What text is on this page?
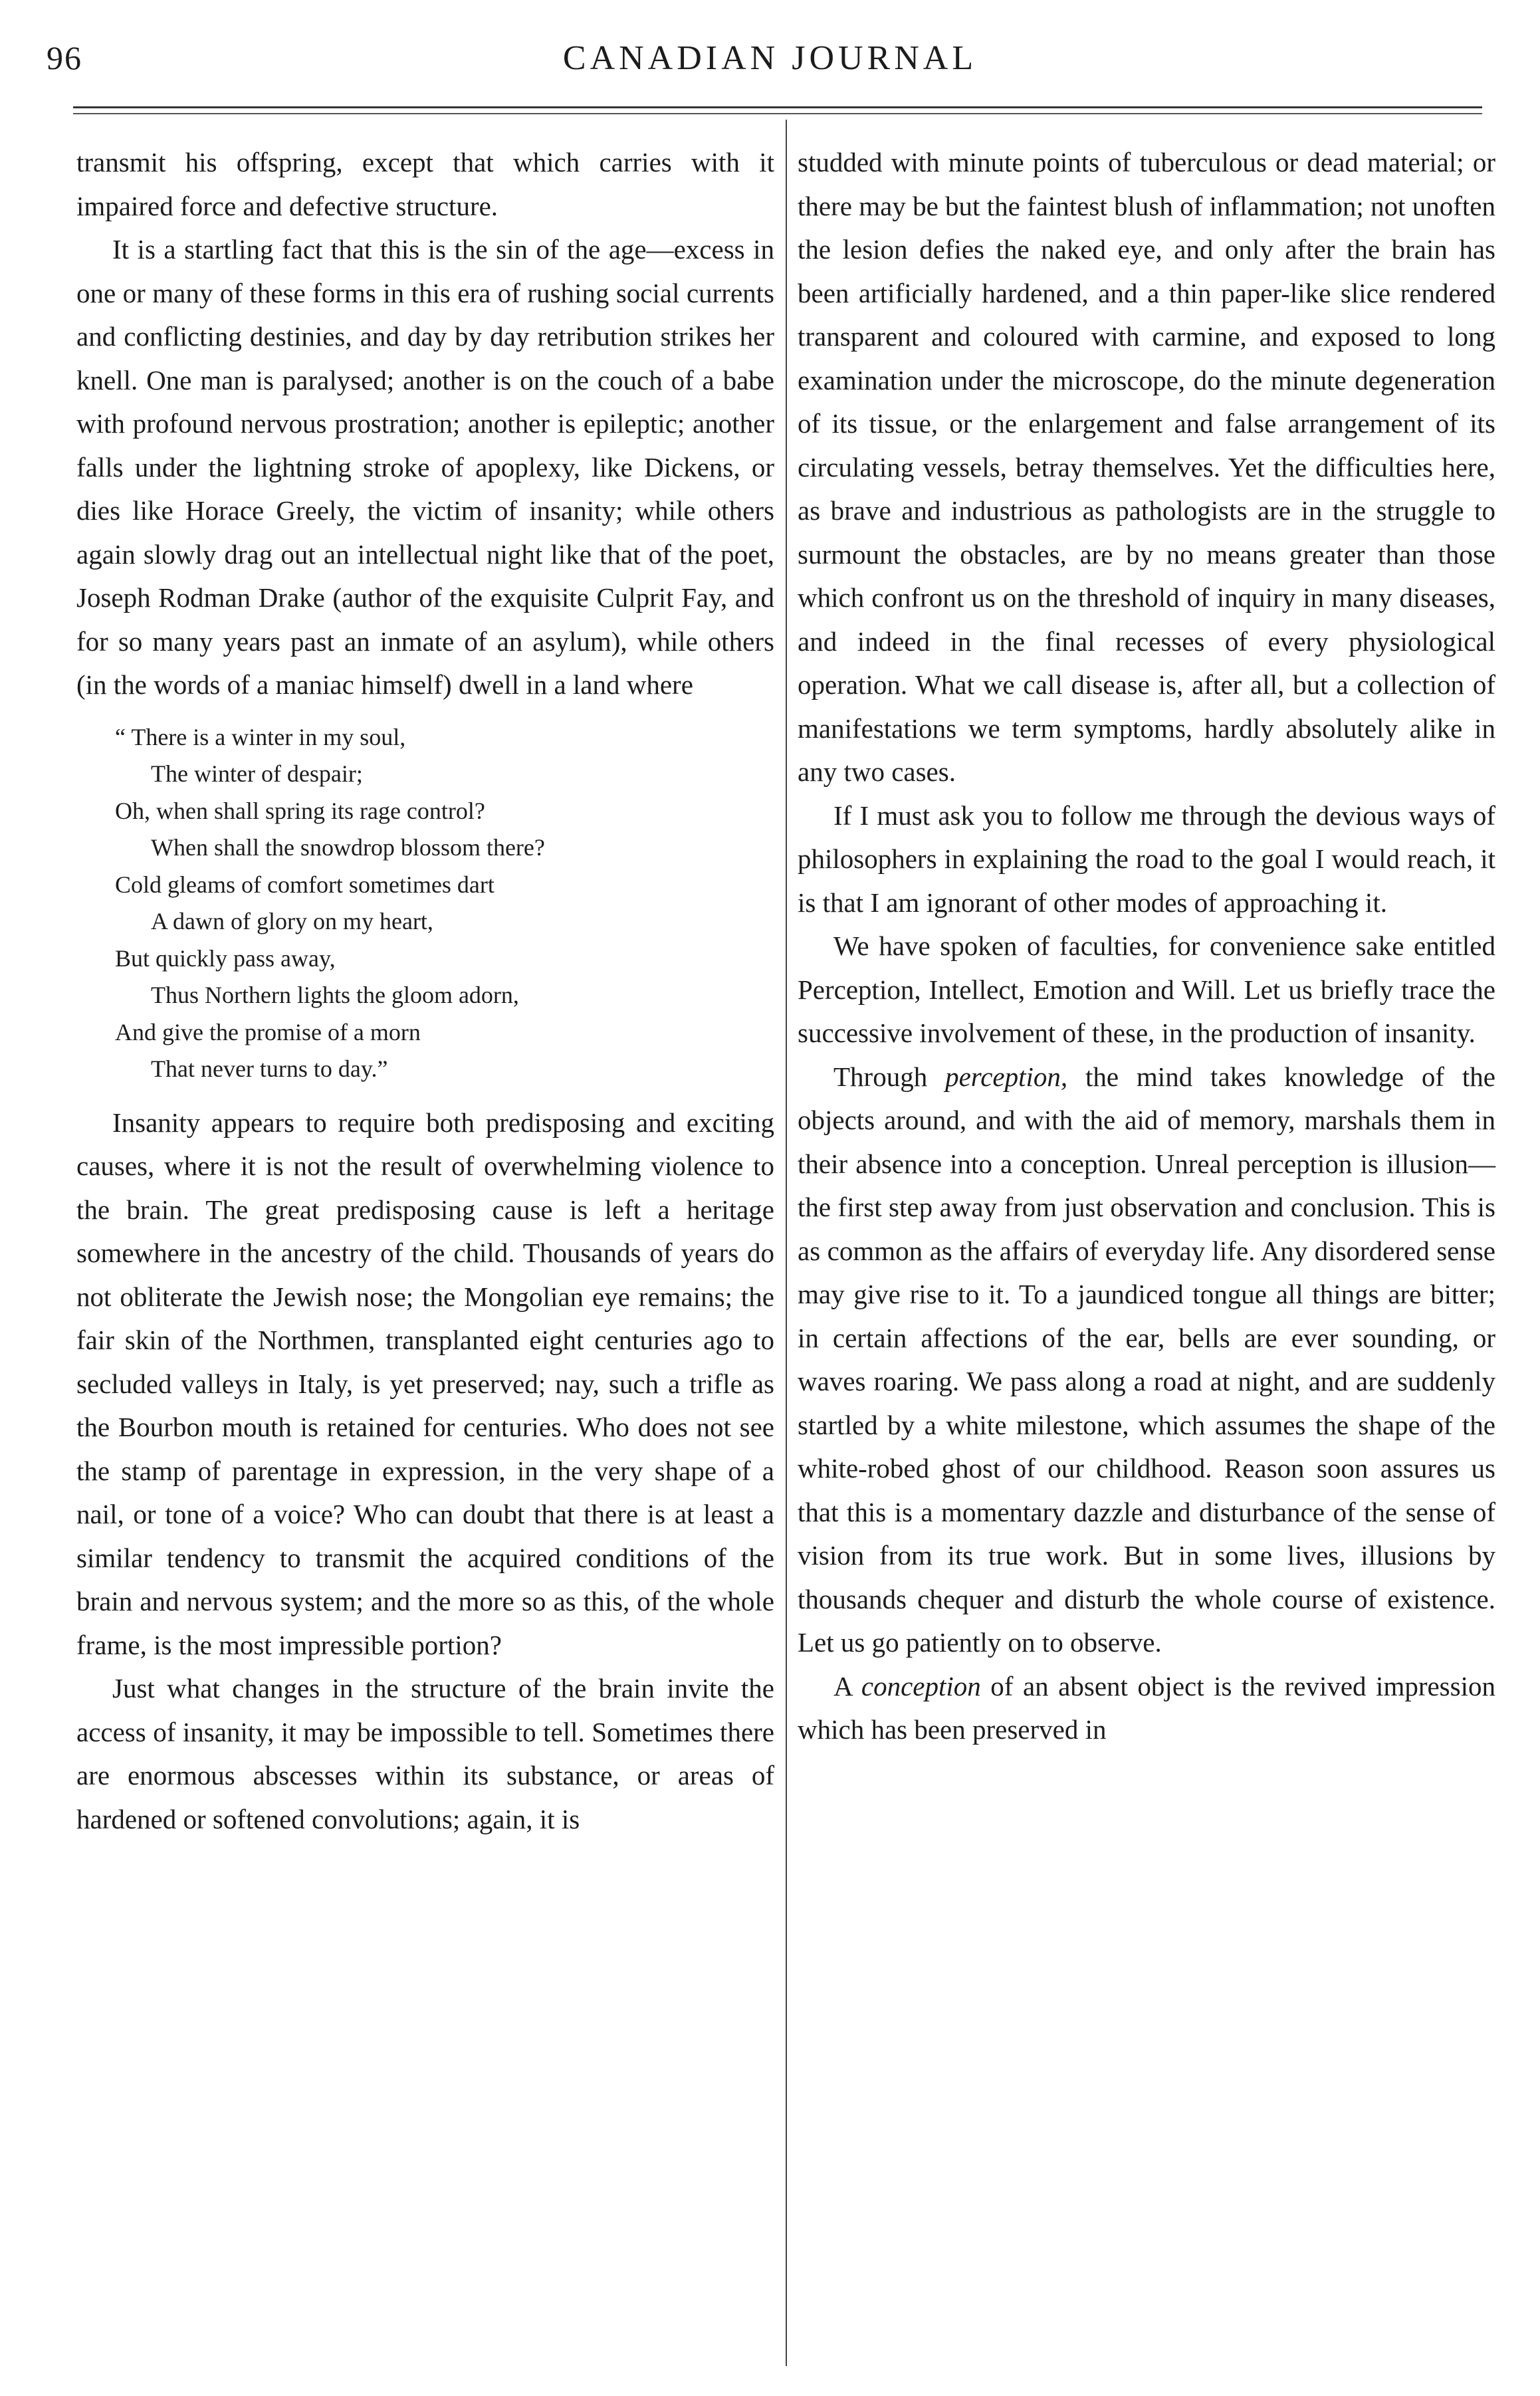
96	CANADIAN JOURNAL

transmit his offspring, except that which carries with it impaired force and defective structure.

It is a startling fact that this is the sin of the age—excess in one or many of these forms in this era of rushing social currents and conflicting destinies, and day by day retribution strikes her knell. One man is paralysed; another is on the couch of a babe with profound nervous prostration; another is epileptic; another falls under the lightning stroke of apoplexy, like Dickens, or dies like Horace Greely, the victim of insanity; while others again slowly drag out an intellectual night like that of the poet, Joseph Rodman Drake (author of the exquisite Culprit Fay, and for so many years past an inmate of an asylum), while others (in the words of a maniac himself) dwell in a land where

“ There is a winter in my soul,
The winter of despair;
Oh, when shall spring its rage control?
When shall the snowdrop blossom there?
Cold gleams of comfort sometimes dart
A dawn of glory on my heart,
But quickly pass away,
Thus Northern lights the gloom adorn,
And give the promise of a morn
That never turns to day.”

Insanity appears to require both predisposing and exciting causes, where it is not the result of overwhelming violence to the brain. The great predisposing cause is left a heritage somewhere in the ancestry of the child. Thousands of years do not obliterate the Jewish nose; the Mongolian eye remains; the fair skin of the Northmen, transplanted eight centuries ago to secluded valleys in Italy, is yet preserved; nay, such a trifle as the Bourbon mouth is retained for centuries. Who does not see the stamp of parentage in expression, in the very shape of a nail, or tone of a voice? Who can doubt that there is at least a similar tendency to transmit the acquired conditions of the brain and nervous system; and the more so as this, of the whole frame, is the most impressible portion?

Just what changes in the structure of the brain invite the access of insanity, it may be impossible to tell. Sometimes there are enormous abscesses within its substance, or areas of hardened or softened convolutions; again, it is

studded with minute points of tuberculous or dead material; or there may be but the faintest blush of inflammation; not unoften the lesion defies the naked eye, and only after the brain has been artificially hardened, and a thin paper-like slice rendered transparent and coloured with carmine, and exposed to long examination under the microscope, do the minute degeneration of its tissue, or the enlargement and false arrangement of its circulating vessels, betray themselves. Yet the difficulties here, as brave and industrious as pathologists are in the struggle to surmount the obstacles, are by no means greater than those which confront us on the threshold of inquiry in many diseases, and indeed in the final recesses of every physiological operation. What we call disease is, after all, but a collection of manifestations we term symptoms, hardly absolutely alike in any two cases.

If I must ask you to follow me through the devious ways of philosophers in explaining the road to the goal I would reach, it is that I am ignorant of other modes of approaching it.

We have spoken of faculties, for convenience sake entitled Perception, Intellect, Emotion and Will. Let us briefly trace the successive involvement of these, in the production of insanity.

Through perception, the mind takes knowledge of the objects around, and with the aid of memory, marshals them in their absence into a conception. Unreal perception is illusion—the first step away from just observation and conclusion. This is as common as the affairs of everyday life. Any disordered sense may give rise to it. To a jaundiced tongue all things are bitter; in certain affections of the ear, bells are ever sounding, or waves roaring. We pass along a road at night, and are suddenly startled by a white milestone, which assumes the shape of the white-robed ghost of our childhood. Reason soon assures us that this is a momentary dazzle and disturbance of the sense of vision from its true work. But in some lives, illusions by thousands chequer and disturb the whole course of existence. Let us go patiently on to observe.

A conception of an absent object is the revived impression which has been preserved in
